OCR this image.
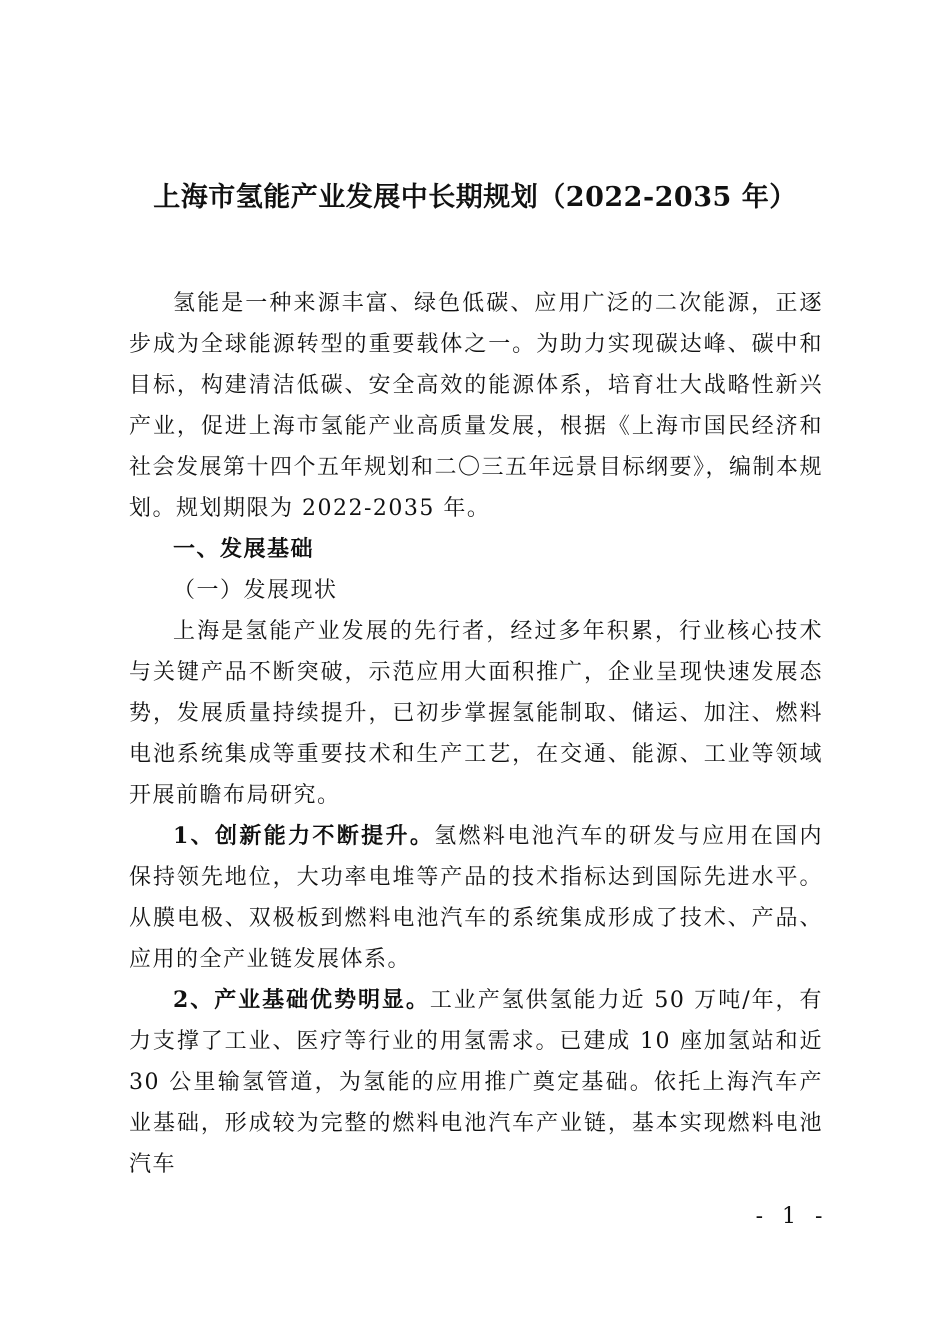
上海市氢能产业发展中长期规划（2022-2035 年）

氢能是一种来源丰富、绿色低碳、应用广泛的二次能源，正逐步成为全球能源转型的重要载体之一。为助力实现碳达峰、碳中和目标，构建清洁低碳、安全高效的能源体系，培育壮大战略性新兴产业，促进上海市氢能产业高质量发展，根据《上海市国民经济和社会发展第十四个五年规划和二〇三五年远景目标纲要》，编制本规划。规划期限为 2022-2035 年。

一、发展基础

（一）发展现状

上海是氢能产业发展的先行者，经过多年积累，行业核心技术与关键产品不断突破，示范应用大面积推广，企业呈现快速发展态势，发展质量持续提升，已初步掌握氢能制取、储运、加注、燃料电池系统集成等重要技术和生产工艺，在交通、能源、工业等领域开展前瞻布局研究。

1、创新能力不断提升。氢燃料电池汽车的研发与应用在国内保持领先地位，大功率电堆等产品的技术指标达到国际先进水平。从膜电极、双极板到燃料电池汽车的系统集成形成了技术、产品、应用的全产业链发展体系。

2、产业基础优势明显。工业产氢供氢能力近 50 万吨/年，有力支撑了工业、医疗等行业的用氢需求。已建成 10 座加氢站和近 30 公里输氢管道，为氢能的应用推广奠定基础。依托上海汽车产业基础，形成较为完整的燃料电池汽车产业链，基本实现燃料电池汽车

- 1 -
